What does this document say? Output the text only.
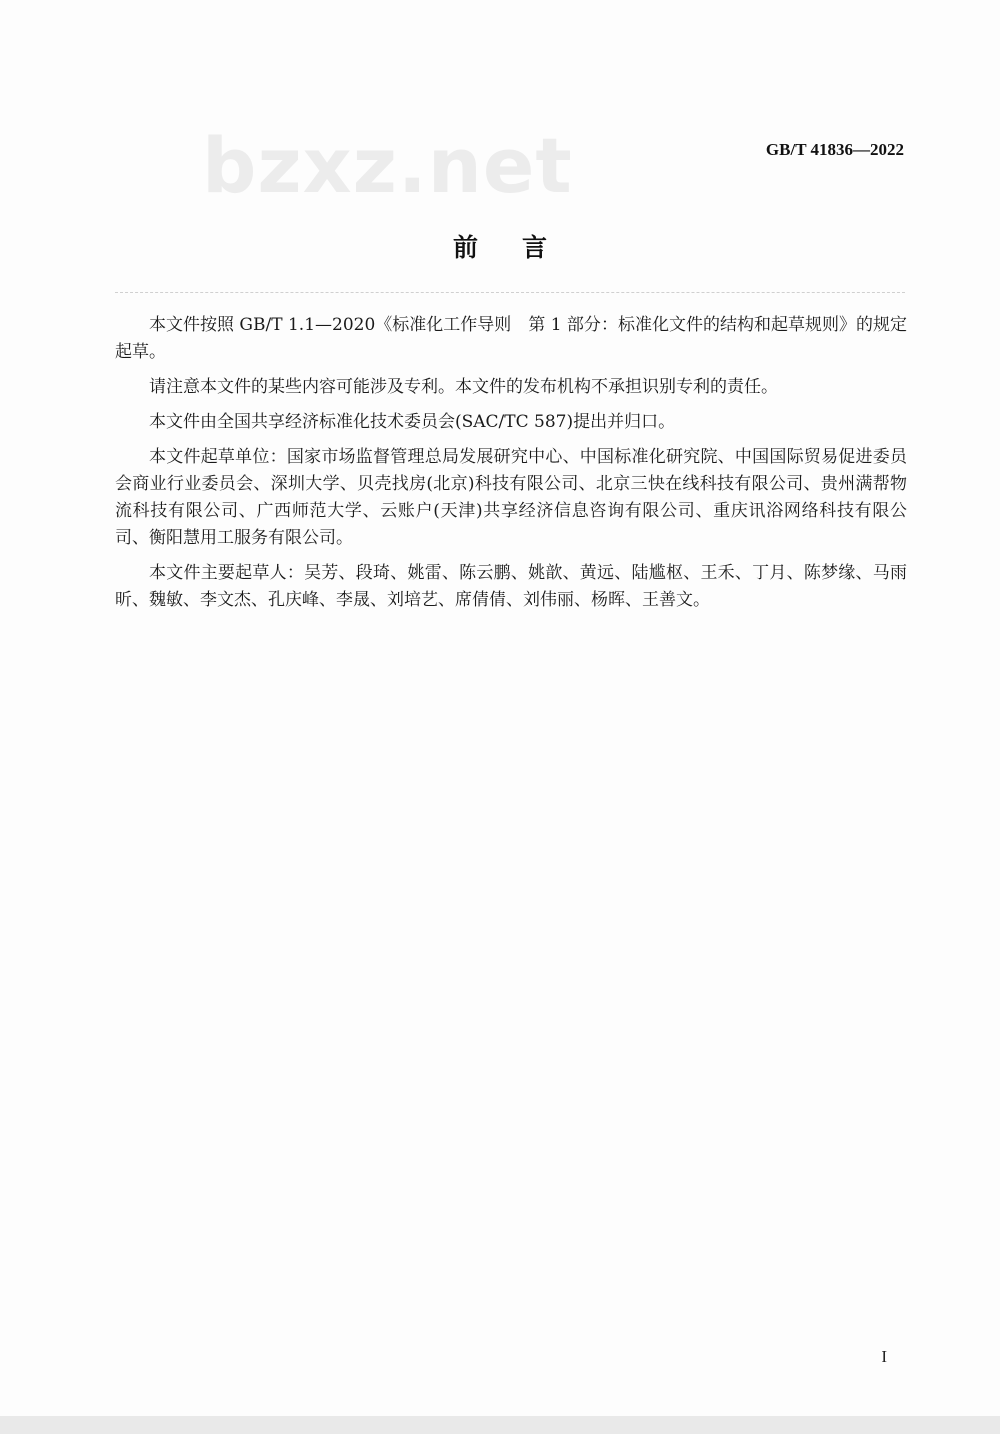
bzxz.net	GB/T 41836—2022
前言

本文件按照 GB/T 1.1—2020《标准化工作导则　第 1 部分：标准化文件的结构和起草规则》的规定起草。

请注意本文件的某些内容可能涉及专利。本文件的发布机构不承担识别专利的责任。

本文件由全国共享经济标准化技术委员会(SAC/TC 587)提出并归口。

本文件起草单位：国家市场监督管理总局发展研究中心、中国标准化研究院、中国国际贸易促进委员会商业行业委员会、深圳大学、贝壳找房(北京)科技有限公司、北京三快在线科技有限公司、贵州满帮物流科技有限公司、广西师范大学、云账户(天津)共享经济信息咨询有限公司、重庆讯浴网络科技有限公司、衡阳慧用工服务有限公司。

本文件主要起草人：吴芳、段琦、姚雷、陈云鹏、姚歆、黄远、陆尴枢、王禾、丁月、陈梦缘、马雨昕、魏敏、李文杰、孔庆峰、李晟、刘培艺、席倩倩、刘伟丽、杨晖、王善文。

I
